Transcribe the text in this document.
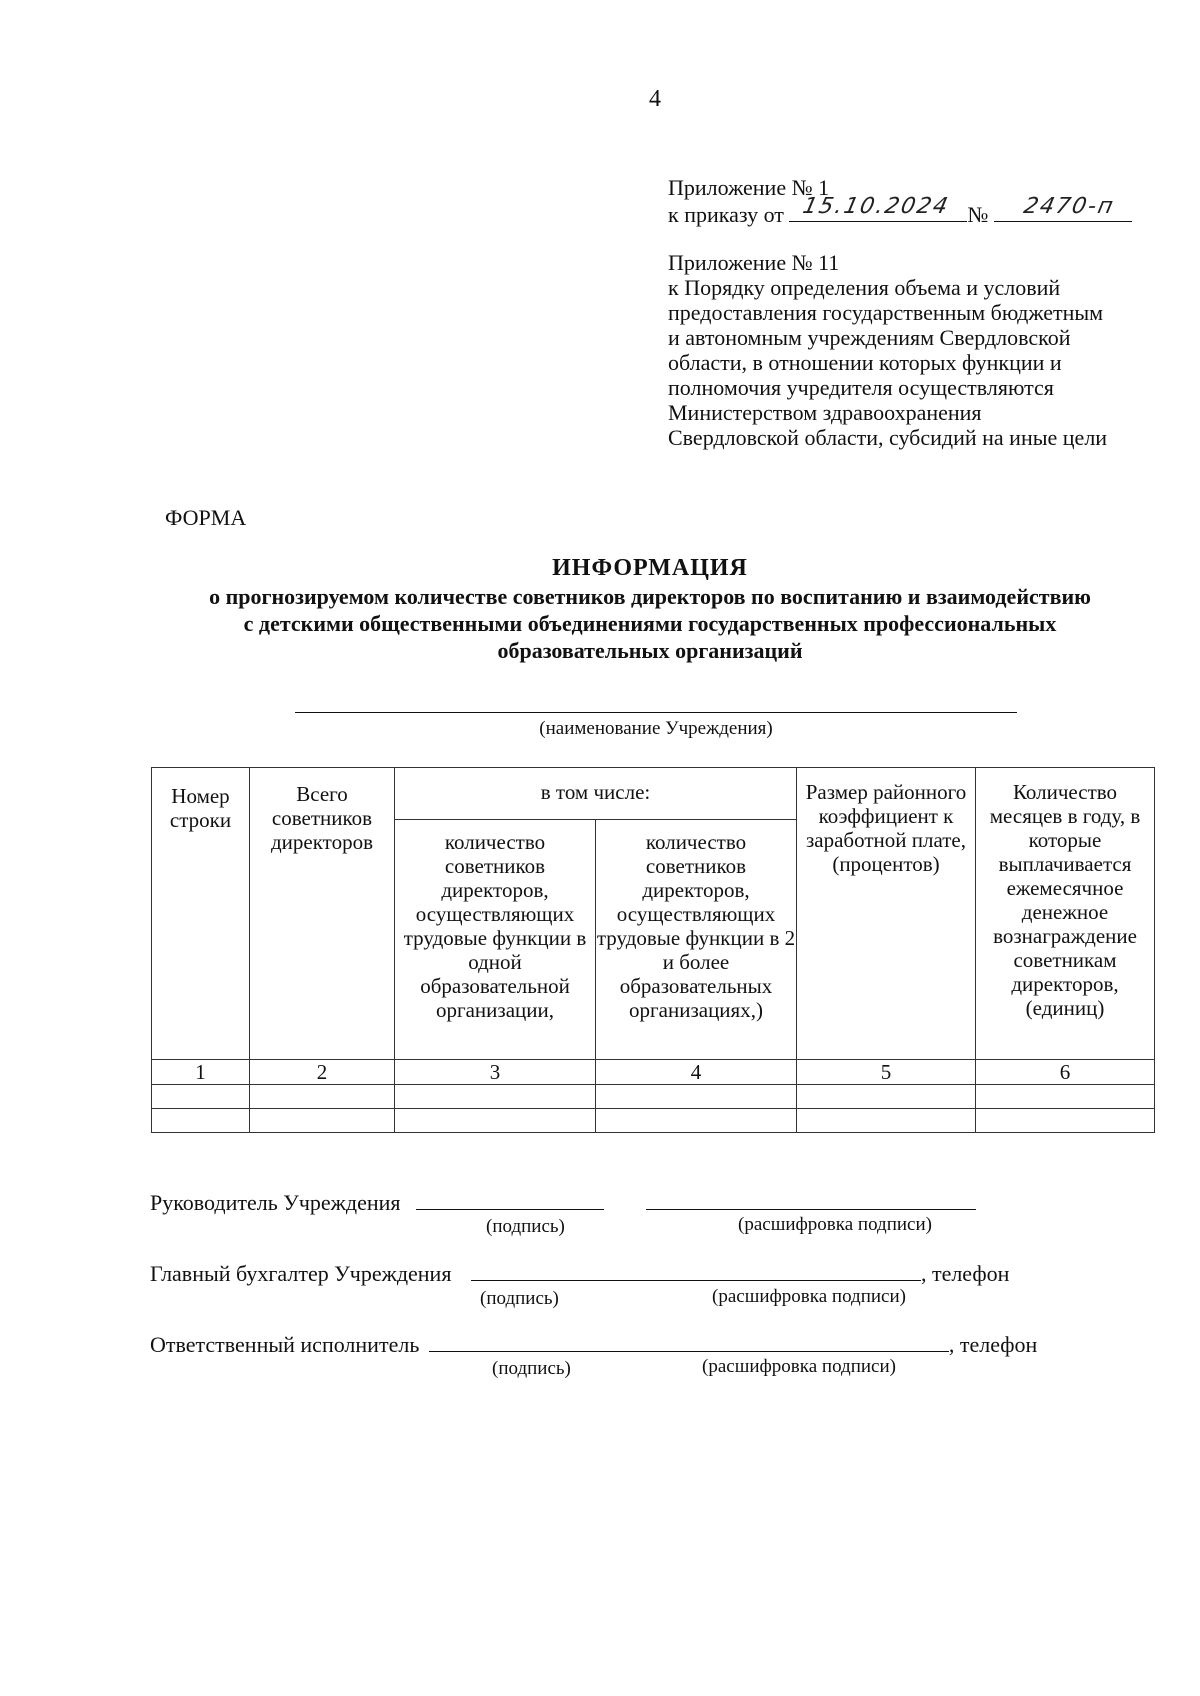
4
Приложение № 1
к приказу от 15.10.2024 № 2470-п
Приложение № 11
к Порядку определения объема и условий
предоставления государственным бюджетным
и автономным учреждениям Свердловской
области, в отношении которых функции и
полномочия учредителя осуществляются
Министерством здравоохранения
Свердловской области, субсидий на иные цели
ФОРМА
ИНФОРМАЦИЯ
о прогнозируемом количестве советников директоров по воспитанию и взаимодействию
с детскими общественными объединениями государственных профессиональных
образовательных организаций
(наименование Учреждения)
Номер строки	Всего советников директоров	в том числе:		Размер районного коэффициент к заработной плате, (процентов)	Количество месяцев в году, в которые выплачивается ежемесячное денежное вознаграждение советникам директоров, (единиц)
		количество советников директоров, осуществляющих трудовые функции в одной образовательной организации,	количество советников директоров, осуществляющих трудовые функции в 2 и более образовательных организациях,)		
1	2	3	4	5	6

Руководитель Учреждения
(подпись)	(расшифровка подписи)
Главный бухгалтер Учреждения	, телефон
(подпись)	(расшифровка подписи)
Ответственный исполнитель	, телефон
(подпись)	(расшифровка подписи)
